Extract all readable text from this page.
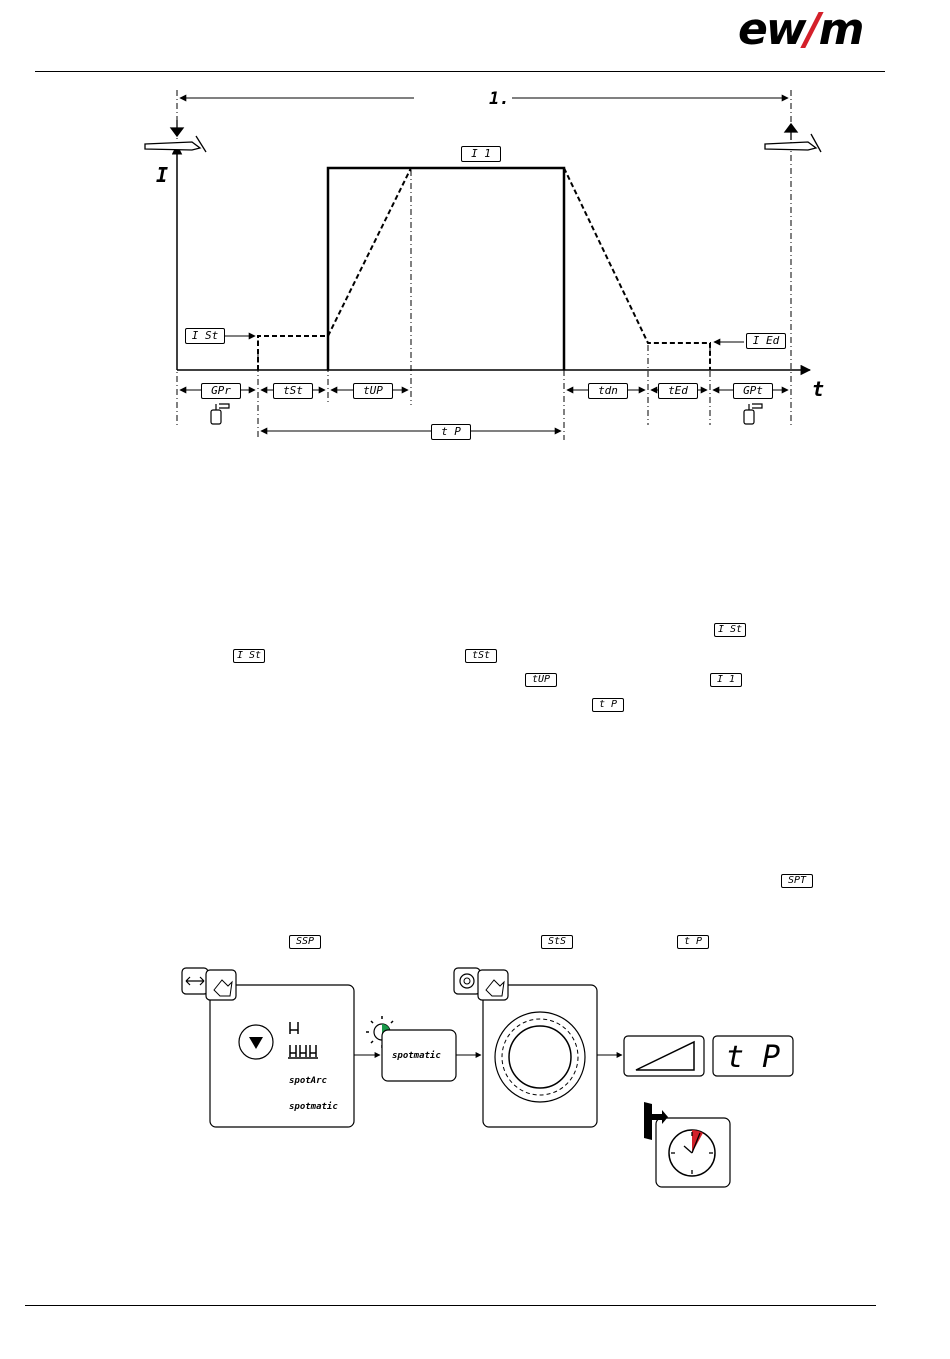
ew/m
I
t
1.
I 1
I St	I Ed
GPr	tSt	tUP	tdn	tEd	GPt
t P
I St
I St	tSt
tUP	I 1
t P
SPT
SSP	StS	t P
spotArc
spotmatic
spotmatic	t P
